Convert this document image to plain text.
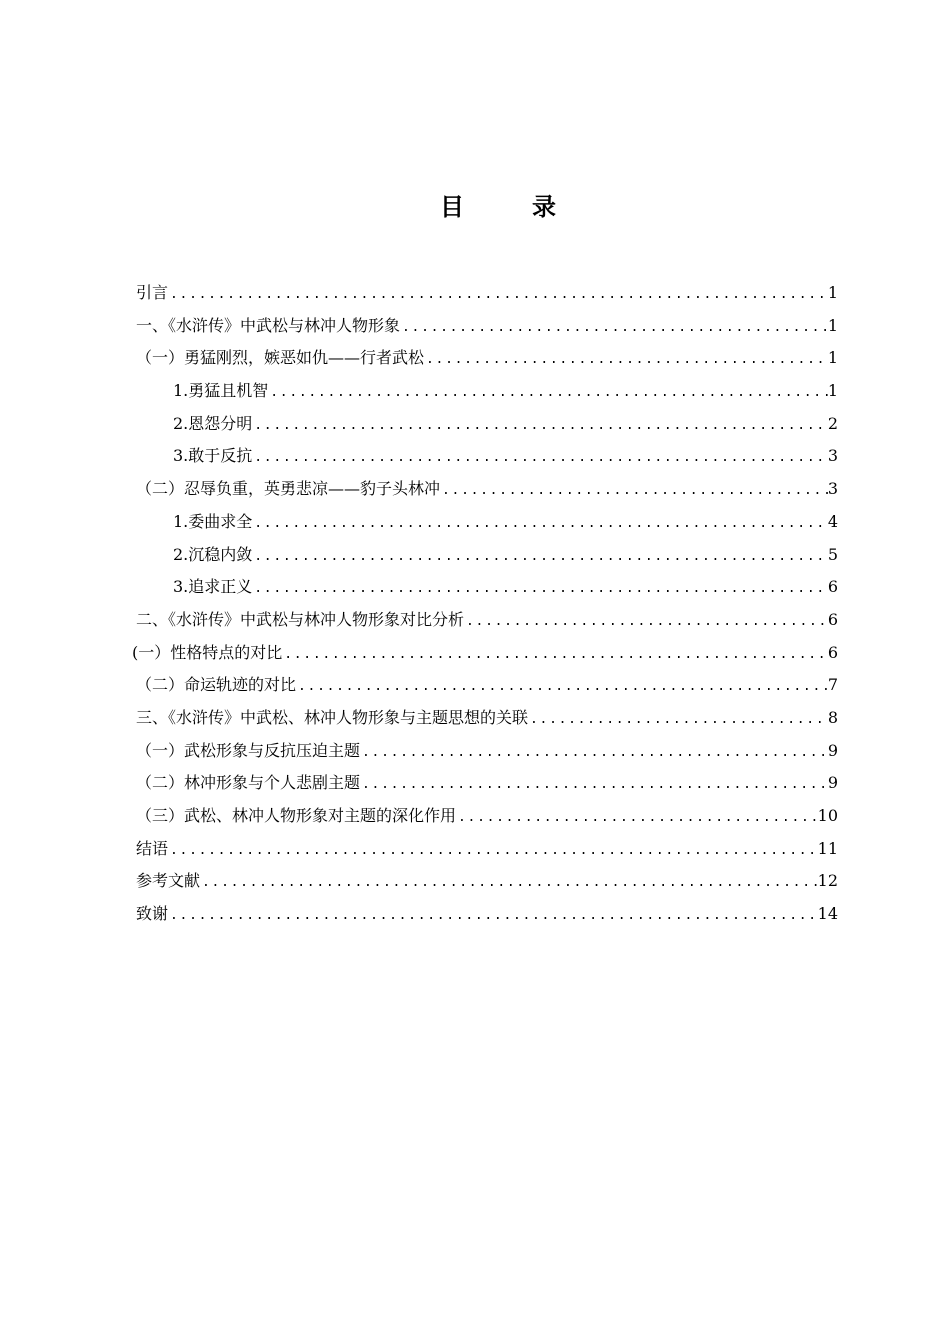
目　录
引言 .....	1
一、《水浒传》中武松与林冲人物形象 .....	1
（一）勇猛刚烈，嫉恶如仇——行者武松 .....	1
1.勇猛且机智 .....	1
2.恩怨分明 .....	2
3.敢于反抗 .....	3
（二）忍辱负重，英勇悲凉——豹子头林冲 .....	3
1.委曲求全 .....	4
2.沉稳内敛 .....	5
3.追求正义 .....	6
二、《水浒传》中武松与林冲人物形象对比分析 .....	6
(一）性格特点的对比 .....	6
（二）命运轨迹的对比 .....	7
三、《水浒传》中武松、林冲人物形象与主题思想的关联 .....	8
（一）武松形象与反抗压迫主题 .....	9
（二）林冲形象与个人悲剧主题 .....	9
（三）武松、林冲人物形象对主题的深化作用 .....	10
结语 .....	11
参考文献 .....	12
致谢 .....	14
